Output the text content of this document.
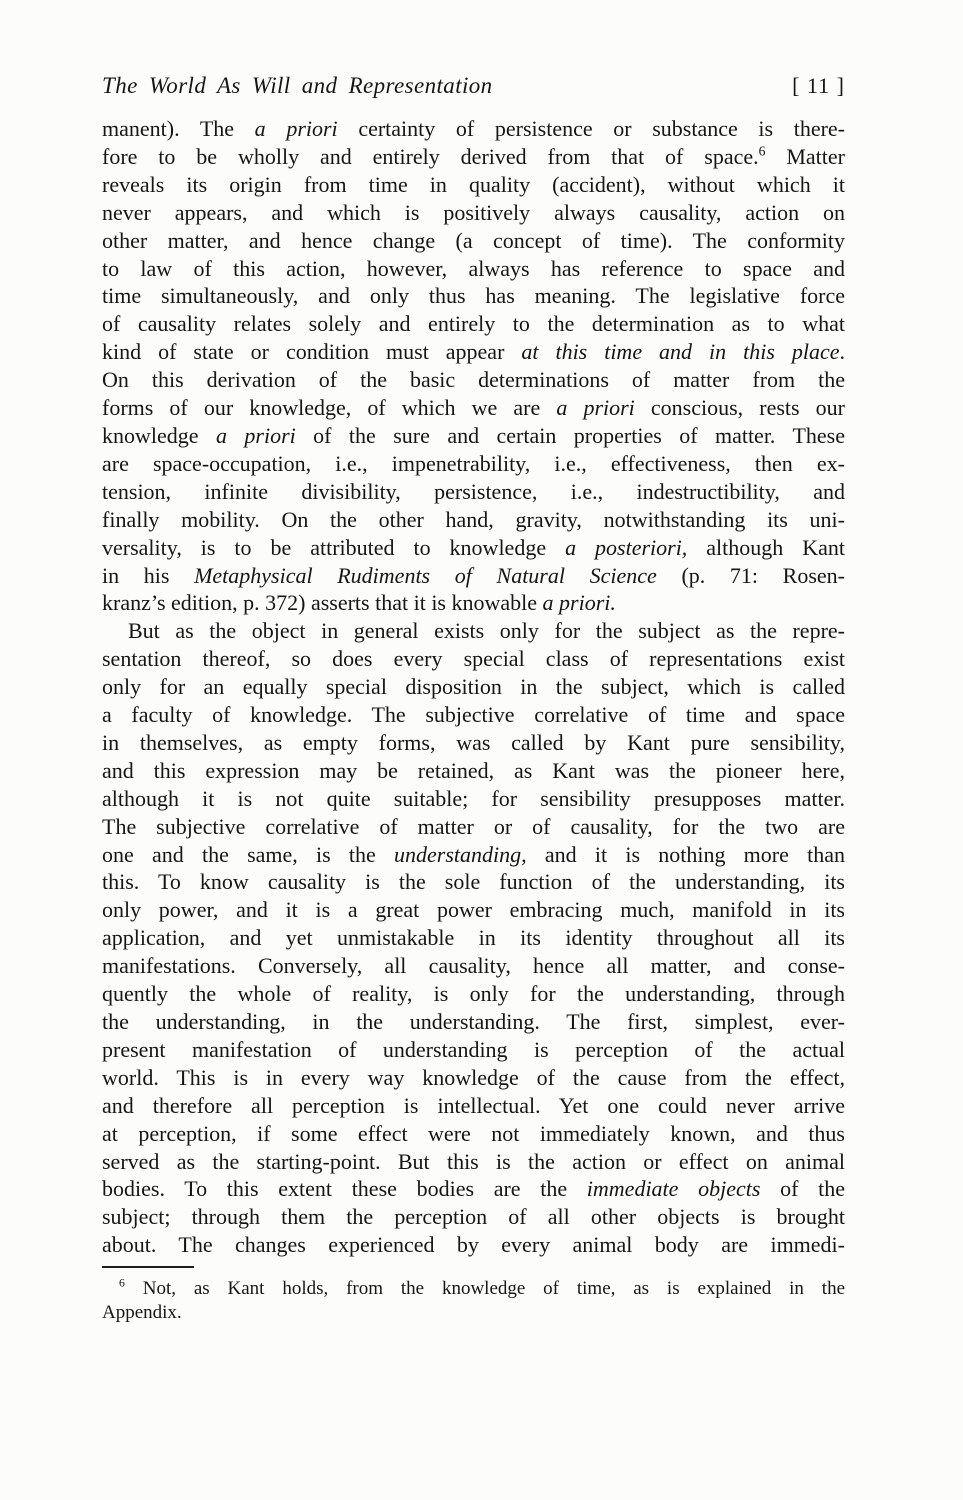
The World As Will and Representation	[ 11 ]
manent). The a priori certainty of persistence or substance is there-
fore to be wholly and entirely derived from that of space.$^6$ Matter
reveals its origin from time in quality (accident), without which it
never appears, and which is positively always causality, action on
other matter, and hence change (a concept of time). The conformity
to law of this action, however, always has reference to space and
time simultaneously, and only thus has meaning. The legislative force
of causality relates solely and entirely to the determination as to what
kind of state or condition must appear at this time and in this place.
On this derivation of the basic determinations of matter from the
forms of our knowledge, of which we are a priori conscious, rests our
knowledge a priori of the sure and certain properties of matter. These
are space-occupation, i.e., impenetrability, i.e., effectiveness, then ex-
tension, infinite divisibility, persistence, i.e., indestructibility, and
finally mobility. On the other hand, gravity, notwithstanding its uni-
versality, is to be attributed to knowledge a posteriori, although Kant
in his Metaphysical Rudiments of Natural Science (p. 71: Rosen-
kranz’s edition, p. 372) asserts that it is knowable a priori.
But as the object in general exists only for the subject as the repre-
sentation thereof, so does every special class of representations exist
only for an equally special disposition in the subject, which is called
a faculty of knowledge. The subjective correlative of time and space
in themselves, as empty forms, was called by Kant pure sensibility,
and this expression may be retained, as Kant was the pioneer here,
although it is not quite suitable; for sensibility presupposes matter.
The subjective correlative of matter or of causality, for the two are
one and the same, is the understanding, and it is nothing more than
this. To know causality is the sole function of the understanding, its
only power, and it is a great power embracing much, manifold in its
application, and yet unmistakable in its identity throughout all its
manifestations. Conversely, all causality, hence all matter, and conse-
quently the whole of reality, is only for the understanding, through
the understanding, in the understanding. The first, simplest, ever-
present manifestation of understanding is perception of the actual
world. This is in every way knowledge of the cause from the effect,
and therefore all perception is intellectual. Yet one could never arrive
at perception, if some effect were not immediately known, and thus
served as the starting-point. But this is the action or effect on animal
bodies. To this extent these bodies are the immediate objects of the
subject; through them the perception of all other objects is brought
about. The changes experienced by every animal body are immedi-
$^6$ Not, as Kant holds, from the knowledge of time, as is explained in the
Appendix.
